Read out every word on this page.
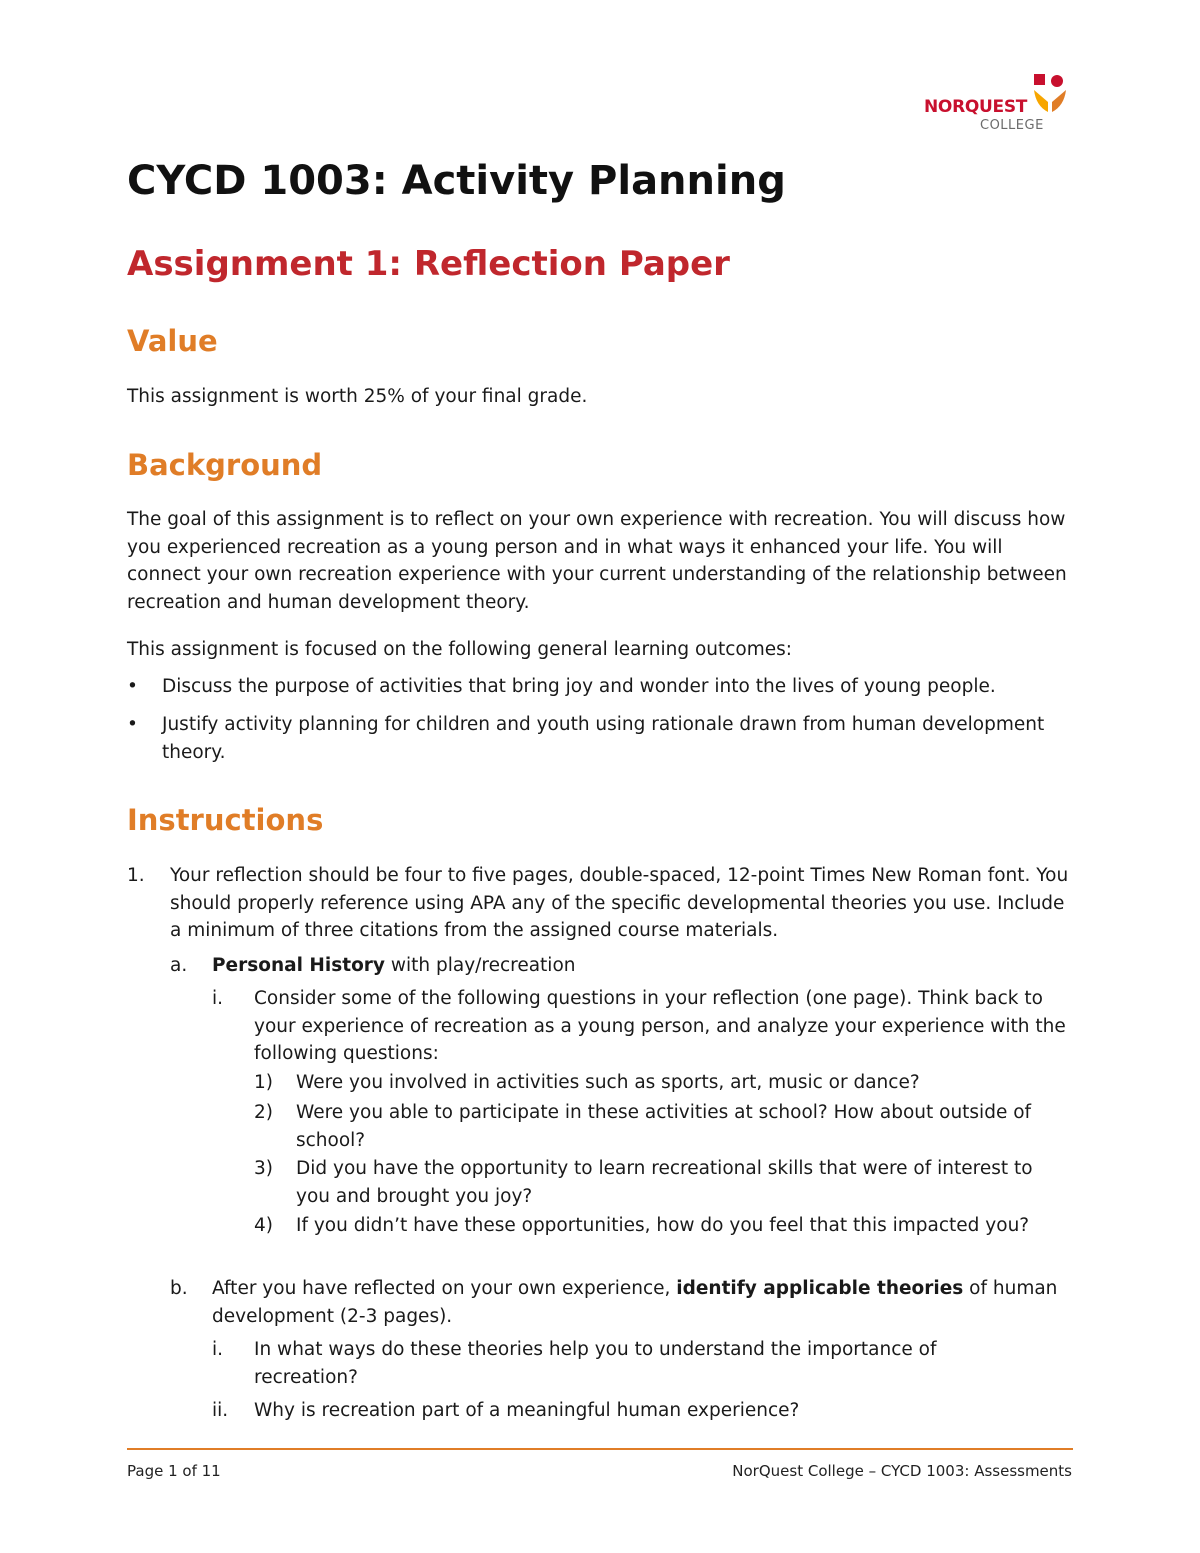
NORQUEST
COLLEGE
CYCD 1003: Activity Planning
Assignment 1: Reflection Paper
Value

This assignment is worth 25% of your final grade.

Background

The goal of this assignment is to reflect on your own experience with recreation. You will discuss how you experienced recreation as a young person and in what ways it enhanced your life. You will connect your own recreation experience with your current understanding of the relationship between recreation and human development theory.

This assignment is focused on the following general learning outcomes:

• Discuss the purpose of activities that bring joy and wonder into the lives of young people.
• Justify activity planning for children and youth using rationale drawn from human development theory.
Instructions
1. Your reflection should be four to five pages, double-spaced, 12-point Times New Roman font. You should properly reference using APA any of the specific developmental theories you use. Include a minimum of three citations from the assigned course materials.
a. Personal History with play/recreation
i. Consider some of the following questions in your reflection (one page). Think back to your experience of recreation as a young person, and analyze your experience with the following questions:
1) Were you involved in activities such as sports, art, music or dance?
2) Were you able to participate in these activities at school? How about outside of school?
3) Did you have the opportunity to learn recreational skills that were of interest to you and brought you joy?
4) If you didn’t have these opportunities, how do you feel that this impacted you?
b. After you have reflected on your own experience, identify applicable theories of human development (2-3 pages).
i. In what ways do these theories help you to understand the importance of recreation?
ii. Why is recreation part of a meaningful human experience?
Page 1 of 11	NorQuest College – CYCD 1003: Assessments
